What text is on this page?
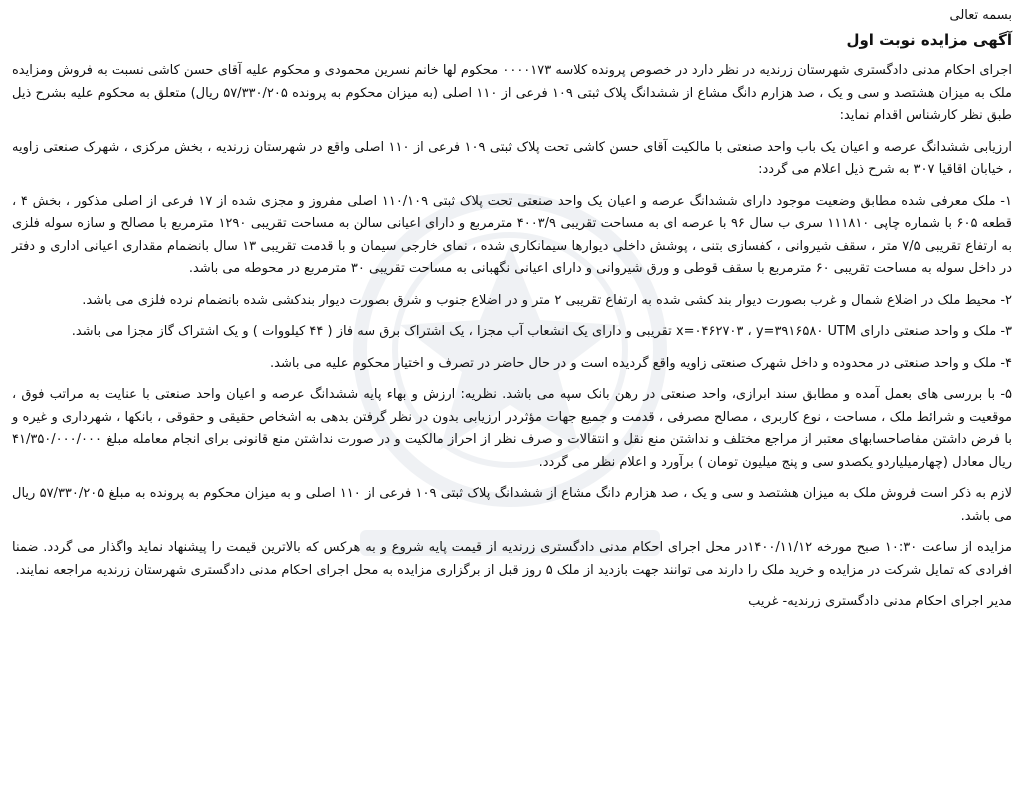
بسمه تعالی
آگهی مزایده نوبت اول

اجرای احکام مدنی دادگستری شهرستان زرندیه در نظر دارد در خصوص پرونده کلاسه ۰۰۰۰۱۷۳ محکوم لها خانم نسرین محمودی و محکوم علیه آقای حسن کاشی نسبت به فروش ومزایده ملک به میزان هشتصد و سی و یک ، صد هزارم دانگ مشاع از ششدانگ پلاک ثبتی ۱۰۹ فرعی از ۱۱۰ اصلی (به میزان محکوم به پرونده ۵۷/۳۳۰/۲۰۵ ریال) متعلق به محکوم علیه بشرح ذیل طبق نظر کارشناس اقدام نماید:

ارزیابی ششدانگ عرصه و اعیان یک باب واحد صنعتی با مالکیت آقای حسن کاشی تحت پلاک ثبتی ۱۰۹ فرعی از ۱۱۰ اصلی واقع در شهرستان زرندیه ، بخش مرکزی ، شهرک صنعتی زاویه ، خیابان اقاقیا ۳۰۷ به شرح ذیل اعلام می گردد:

۱- ملک معرفی شده مطابق وضعیت موجود دارای ششدانگ عرصه و اعیان یک واحد صنعتی تحت پلاک ثبتی ۱۱۰/۱۰۹ اصلی مفروز و مجزی شده از ۱۷ فرعی از اصلی مذکور ، بخش ۴ ، قطعه ۶۰۵ با شماره چاپی ۱۱۱۸۱۰ سری ب سال ۹۶ با عرصه ای به مساحت تقریبی ۴۰۰۳/۹ مترمربع و دارای اعیانی سالن به مساحت تقریبی ۱۲۹۰ مترمربع با مصالح و سازه سوله فلزی به ارتفاع تقریبی ۷/۵ متر ، سقف شیروانی ، کفسازی بتنی ، پوشش داخلی دیوارها سیمانکاری شده ، نمای خارجی سیمان و با قدمت تقریبی ۱۳ سال بانضمام مقداری اعیانی اداری و دفتر در داخل سوله به مساحت تقریبی ۶۰ مترمربع با سقف قوطی و ورق شیروانی و دارای اعیانی نگهبانی به مساحت تقریبی ۳۰ مترمربع در محوطه می باشد.

۲- محیط ملک در اضلاع شمال و غرب بصورت دیوار بند کشی شده به ارتفاع تقریبی ۲ متر و در اضلاع جنوب و شرق بصورت دیوار بندکشی شده بانضمام نرده فلزی می باشد.

۳- ملک و واحد صنعتی دارای x=۰۴۶۲۷۰۳ ، y=۳۹۱۶۵۸۰ UTM تقریبی و دارای یک انشعاب آب مجزا ، یک اشتراک برق سه فاز ( ۴۴ کیلووات ) و یک اشتراک گاز مجزا می باشد.

۴- ملک و واحد صنعتی در محدوده و داخل شهرک صنعتی زاویه واقع گردیده است و در حال حاضر در تصرف و اختیار محکوم علیه می باشد.

۵- با بررسی های بعمل آمده و مطابق سند ابرازی، واحد صنعتی در رهن بانک سپه می باشد. نظریه: ارزش و بهاء پایه ششدانگ عرصه و اعیان واحد صنعتی با عنایت به مراتب فوق ، موقعیت و شرائط ملک ، مساحت ، نوع کاربری ، مصالح مصرفی ، قدمت و جمیع جهات مؤثردر ارزیابی بدون در نظر گرفتن بدهی به اشخاص حقیقی و حقوقی ، بانکها ، شهرداری و غیره و با فرض داشتن مفاصاحسابهای معتبر از مراجع مختلف و نداشتن منع نقل و انتقالات و صرف نظر از احراز مالکیت و در صورت نداشتن منع قانونی برای انجام معامله مبلغ ۴۱/۳۵۰/۰۰۰/۰۰۰ ریال معادل (چهارمیلیاردو یکصدو سی و پنج میلیون تومان ) برآورد و اعلام نظر می گردد.

لازم به ذکر است فروش ملک به میزان هشتصد و سی و یک ، صد هزارم دانگ مشاع از ششدانگ پلاک ثبتی ۱۰۹ فرعی از ۱۱۰ اصلی و به میزان محکوم به پرونده به مبلغ ۵۷/۳۳۰/۲۰۵ ریال می باشد.

مزایده از ساعت ۱۰:۳۰ صبح مورخه ۱۴۰۰/۱۱/۱۲در محل اجرای احکام مدنی دادگستری زرندیه از قیمت پایه شروع و به هرکس که بالاترین قیمت را پیشنهاد نماید واگذار می گردد. ضمنا افرادی که تمایل شرکت در مزایده و خرید ملک را دارند می توانند جهت بازدید از ملک ۵ روز قبل از برگزاری مزایده به محل اجرای احکام مدنی دادگستری شهرستان زرندیه مراجعه نمایند.

مدیر اجرای احکام مدنی دادگستری زرندیه- غریب
